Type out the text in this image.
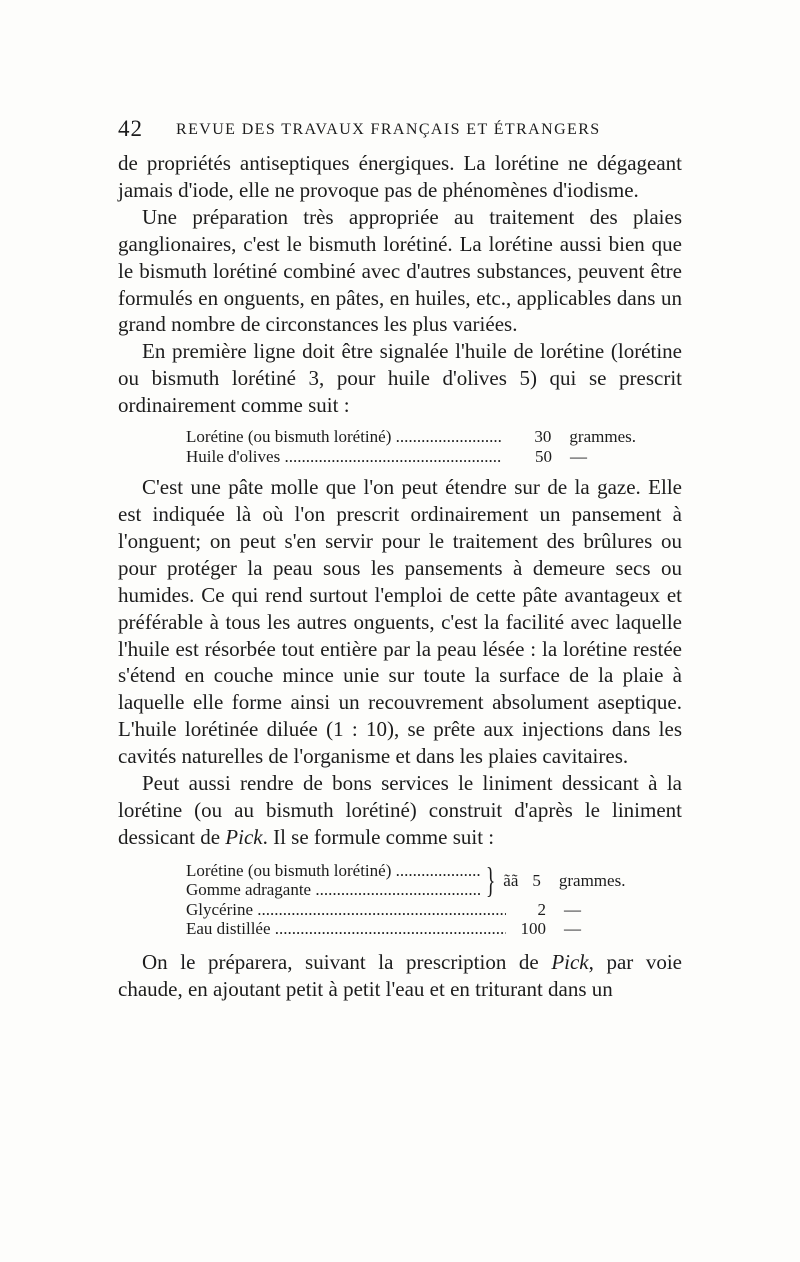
42 REVUE DES TRAVAUX FRANÇAIS ET ÉTRANGERS

de propriétés antiseptiques énergiques. La lorétine ne dégageant jamais d'iode, elle ne provoque pas de phénomènes d'iodisme.

Une préparation très appropriée au traitement des plaies ganglionaires, c'est le bismuth lorétiné. La lorétine aussi bien que le bismuth lorétiné combiné avec d'autres substances, peuvent être formulés en onguents, en pâtes, en huiles, etc., applicables dans un grand nombre de circonstances les plus variées.

En première ligne doit être signalée l'huile de lorétine (lorétine ou bismuth lorétiné 3, pour huile d'olives 5) qui se prescrit ordinairement comme suit :

Lorétine (ou bismuth lorétiné) .....	30 grammes.
Huile d'olives .....	50 —

C'est une pâte molle que l'on peut étendre sur de la gaze. Elle est indiquée là où l'on prescrit ordinairement un pansement à l'onguent; on peut s'en servir pour le traitement des brûlures ou pour protéger la peau sous les pansements à demeure secs ou humides. Ce qui rend surtout l'emploi de cette pâte avantageux et préférable à tous les autres onguents, c'est la facilité avec laquelle l'huile est résorbée tout entière par la peau lésée : la lorétine restée s'étend en couche mince unie sur toute la surface de la plaie à laquelle elle forme ainsi un recouvrement absolument aseptique. L'huile lorétinée diluée (1 : 10), se prête aux injections dans les cavités naturelles de l'organisme et dans les plaies cavitaires.

Peut aussi rendre de bons services le liniment dessicant à la lorétine (ou au bismuth lorétiné) construit d'après le liniment dessicant de Pick. Il se formule comme suit :

Lorétine (ou bismuth lorétiné) .....
Gomme adragante .....	} ãã 5 grammes.
Glycérine .....	2 —
Eau distillée .....	100 —

On le préparera, suivant la prescription de Pick, par voie chaude, en ajoutant petit à petit l'eau et en triturant dans un
